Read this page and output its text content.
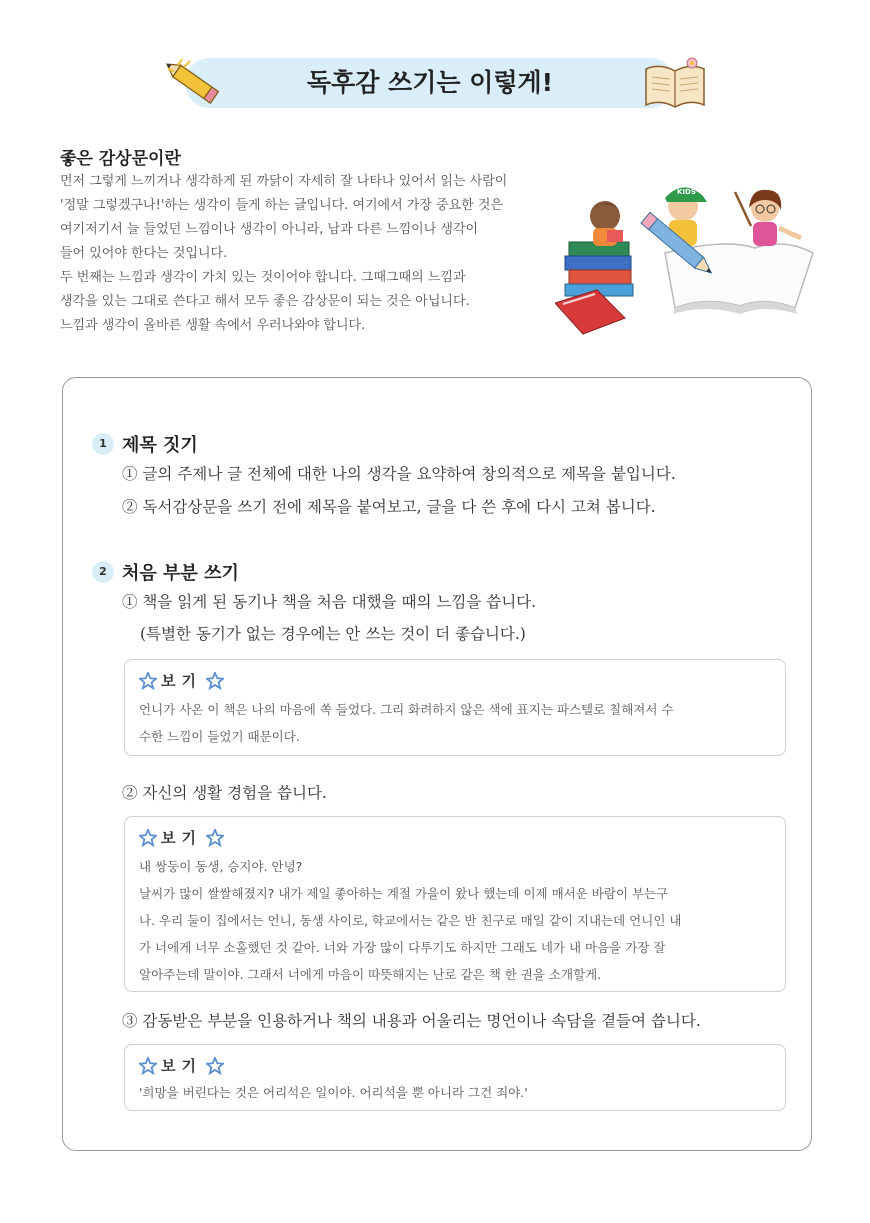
독후감 쓰기는 이렇게!
좋은 감상문이란

먼저 그렇게 느끼거나 생각하게 된 까닭이 자세히 잘 나타나 있어서 읽는 사람이

'정말 그렇겠구나!'하는 생각이 들게 하는 글입니다. 여기에서 가장 중요한 것은

여기저기서 늘 들었던 느낌이나 생각이 아니라, 남과 다른 느낌이나 생각이

들어 있어야 한다는 것입니다.

두 번째는 느낌과 생각이 가치 있는 것이어야 합니다. 그때그때의 느낌과

생각을 있는 그대로 쓴다고 해서 모두 좋은 감상문이 되는 것은 아닙니다.

느낌과 생각이 올바른 생활 속에서 우러나와야 합니다.

KIDS
1 제목 짓기
① 글의 주제나 글 전체에 대한 나의 생각을 요약하여 창의적으로 제목을 붙입니다.
② 독서감상문을 쓰기 전에 제목을 붙여보고, 글을 다 쓴 후에 다시 고쳐 봅니다.
2 처음 부분 쓰기
① 책을 읽게 된 동기나 책을 처음 대했을 때의 느낌을 씁니다.
(특별한 동기가 없는 경우에는 안 쓰는 것이 더 좋습니다.)
보기

언니가 사온 이 책은 나의 마음에 쏙 들었다. 그리 화려하지 않은 색에 표지는 파스텔로 칠해져서 수

수한 느낌이 들었기 때문이다.

② 자신의 생활 경험을 씁니다.
보기

내 쌍둥이 동생, 승지야. 안녕?

날씨가 많이 쌀쌀해졌지? 내가 제일 좋아하는 계절 가을이 왔나 했는데 이제 매서운 바람이 부는구

나. 우리 둘이 집에서는 언니, 동생 사이로, 학교에서는 같은 반 친구로 매일 같이 지내는데 언니인 내

가 너에게 너무 소홀했던 것 같아. 너와 가장 많이 다투기도 하지만 그래도 네가 내 마음을 가장 잘

알아주는데 말이야. 그래서 너에게 마음이 따뜻해지는 난로 같은 책 한 권을 소개할게.

③ 감동받은 부분을 인용하거나 책의 내용과 어울리는 명언이나 속담을 곁들여 씁니다.
보기

'희망을 버린다는 것은 어리석은 일이야. 어리석을 뿐 아니라 그건 죄야.'
